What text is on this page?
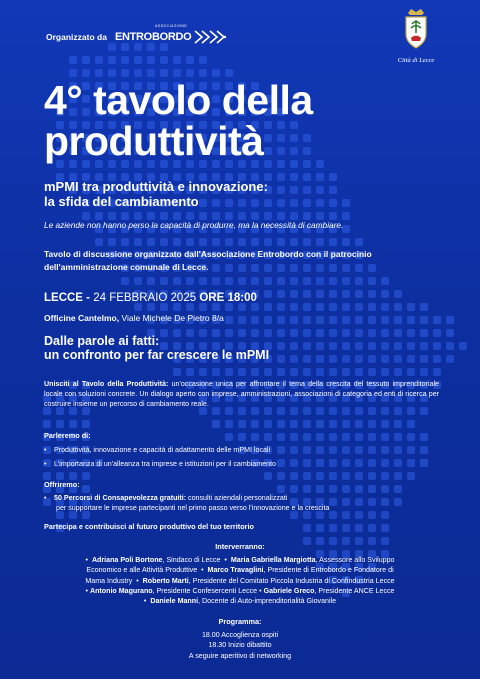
Organizzato da
ASSOCIAZIONE
ENTROBORDO
Città di Lecce
4° tavolo della produttività
mPMI tra produttività e innovazione:
la sfida del cambiamento
Le aziende non hanno perso la capacità di produrre, ma la necessità di cambiare.
Tavolo di discussione organizzato dall'Associazione Entrobordo con il patrocinio dell'amministrazione comunale di Lecce.
LECCE - 24 FEBBRAIO 2025 ORE 18:00
Officine Cantelmo, Viale Michele De Pietro 8/a
Dalle parole ai fatti:
un confronto per far crescere le mPMI
Unisciti al Tavolo della Produttività: un'occasione unica per affrontare il tema della crescita del tessuto imprenditoriale locale con soluzioni concrete. Un dialogo aperto con imprese, amministrazioni, associazioni di categoria ed enti di ricerca per costruire insieme un percorso di cambiamento reale.
Parleremo di:
• Produttività, innovazione e capacità di adattamento delle mPMI locali
• L'importanza di un'alleanza tra imprese e istituzioni per il cambiamento
Offriremo:
• 50 Percorsi di Consapevolezza gratuiti: consulti aziendali personalizzati
per supportare le imprese partecipanti nel primo passo verso l'innovazione e la crescita
Partecipa e contribuisci al futuro produttivo del tuo territorio
Interverranno:
•  Adriana Poli Bortone, Sindaco di Lecce  •  Maria Gabriella Margiotta, Assessore allo Sviluppo
Economico e alle Attività Produttive  •  Marco Travaglini, Presidente di Entrobordo e Fondatore di
Mama Industry  •  Roberto Marti, Presidente del Comitato Piccola Industria di Confindustria Lecce
• Antonio Magurano, Presidente Confesercenti Lecce • Gabriele Greco, Presidente ANCE Lecce
•  Daniele Manni, Docente di Auto-imprenditorialità Giovanile
Programma:
18.00 Accoglienza ospiti
18.30 Inizio dibattito
A seguire aperitivo di networking
